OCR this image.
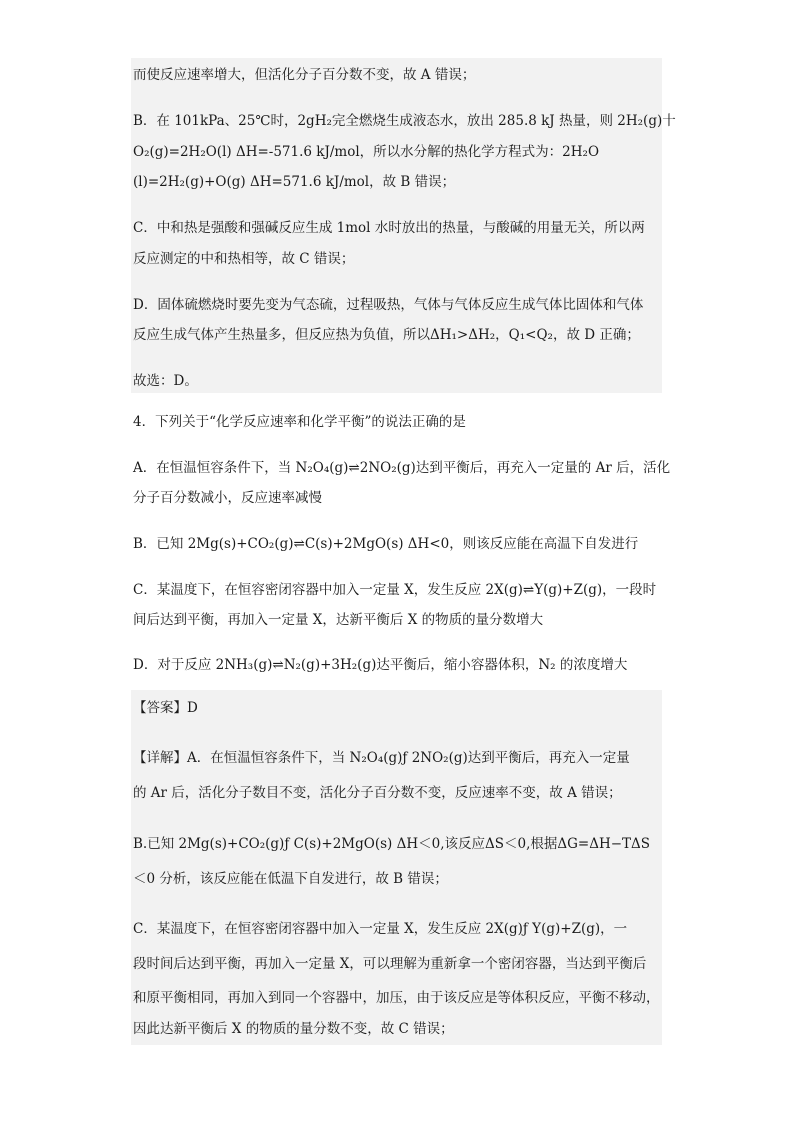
而使反应速率增大，但活化分子百分数不变，故 A 错误；
B．在 101kPa、25℃时，2gH₂完全燃烧生成液态水，放出 285.8 kJ 热量，则 2H₂(g)十
O₂(g)=2H₂O(l) ΔH=-571.6 kJ/mol，所以水分解的热化学方程式为：2H₂O
(l)=2H₂(g)+O(g) ΔH=571.6 kJ/mol，故 B 错误；
C．中和热是强酸和强碱反应生成 1mol 水时放出的热量，与酸碱的用量无关，所以两
反应测定的中和热相等，故 C 错误；
D．固体硫燃烧时要先变为气态硫，过程吸热，气体与气体反应生成气体比固体和气体
反应生成气体产生热量多，但反应热为负值，所以ΔH₁>ΔH₂，Q₁<Q₂，故 D 正确；
故选：D。
4．下列关于“化学反应速率和化学平衡”的说法正确的是
A．在恒温恒容条件下，当 N₂O₄(g)⇌2NO₂(g)达到平衡后，再充入一定量的 Ar 后，活化
分子百分数减小，反应速率减慢
B．已知 2Mg(s)+CO₂(g)⇌C(s)+2MgO(s) ΔH<0，则该反应能在高温下自发进行
C．某温度下，在恒容密闭容器中加入一定量 X，发生反应 2X(g)⇌Y(g)+Z(g)，一段时
间后达到平衡，再加入一定量 X，达新平衡后 X 的物质的量分数增大
D．对于反应 2NH₃(g)⇌N₂(g)+3H₂(g)达平衡后，缩小容器体积，N₂ 的浓度增大
【答案】D
【详解】A．在恒温恒容条件下，当 N₂O₄(g)ƒ 2NO₂(g)达到平衡后，再充入一定量
的 Ar 后，活化分子数目不变，活化分子百分数不变，反应速率不变，故 A 错误；
B.已知 2Mg(s)+CO₂(g)ƒ C(s)+2MgO(s) ΔH＜0,该反应ΔS＜0,根据ΔG=ΔH−TΔS
＜0 分析，该反应能在低温下自发进行，故 B 错误；
C．某温度下，在恒容密闭容器中加入一定量 X，发生反应 2X(g)ƒ Y(g)+Z(g)，一
段时间后达到平衡，再加入一定量 X，可以理解为重新拿一个密闭容器，当达到平衡后
和原平衡相同，再加入到同一个容器中，加压，由于该反应是等体积反应，平衡不移动，
因此达新平衡后 X 的物质的量分数不变，故 C 错误；
